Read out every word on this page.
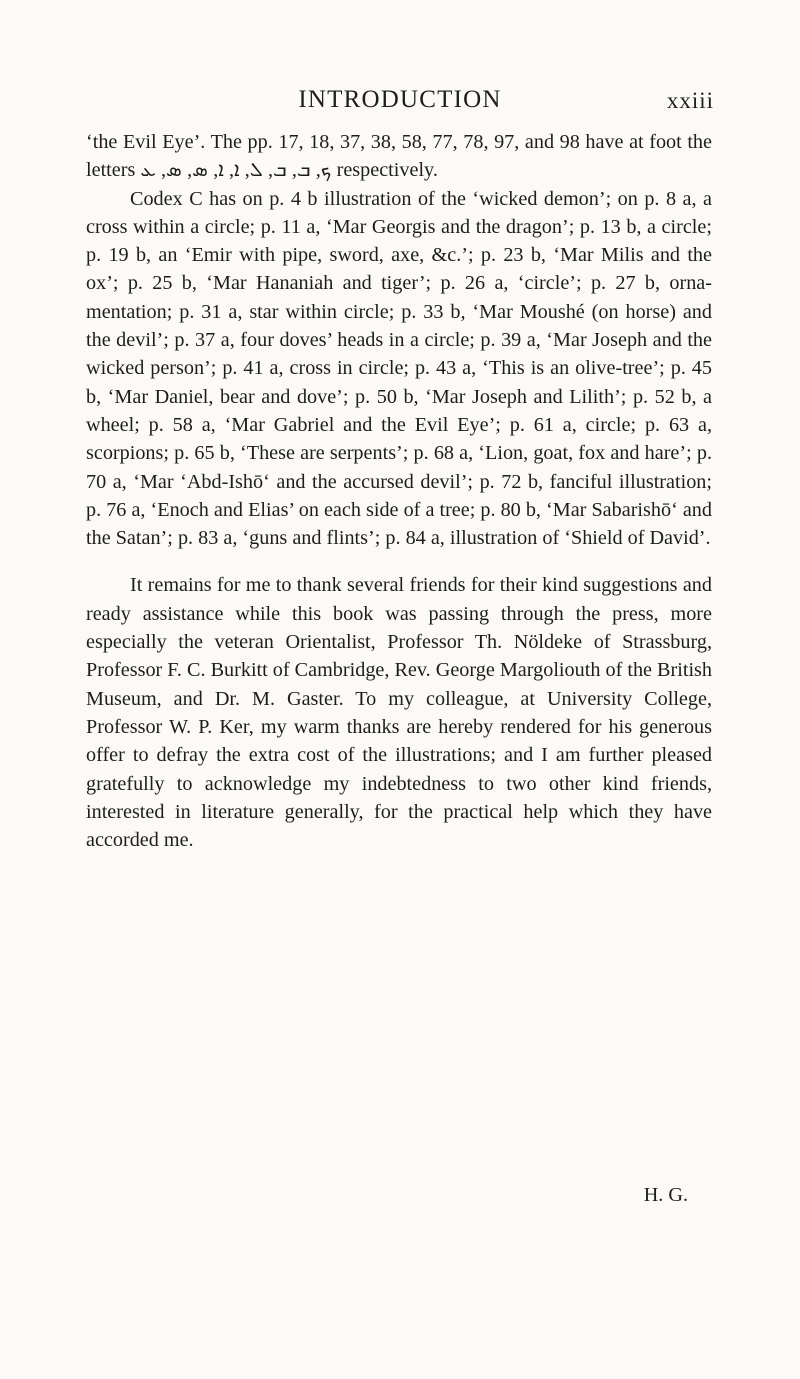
INTRODUCTION	xxiii

‘the Evil Eye’. The pp. 17, 18, 37, 38, 58, 77, 78, 97, and 98 have at foot the letters ܟ, ܒ, ܒ, ܠ, ܐ, ܐ, ܣ, ܣ, ܥ respectively.

Codex C has on p. 4 b illustration of the ‘wicked demon’; on p. 8 a, a cross within a circle; p. 11 a, ‘Mar Georgis and the dragon’; p. 13 b, a circle; p. 19 b, an ‘Emir with pipe, sword, axe, &c.’; p. 23 b, ‘Mar Milis and the ox’; p. 25 b, ‘Mar Hananiah and tiger’; p. 26 a, ‘circle’; p. 27 b, ornamentation; p. 31 a, star within circle; p. 33 b, ‘Mar Moushé (on horse) and the devil’; p. 37 a, four doves’ heads in a circle; p. 39 a, ‘Mar Joseph and the wicked person’; p. 41 a, cross in circle; p. 43 a, ‘This is an olive-tree’; p. 45 b, ‘Mar Daniel, bear and dove’; p. 50 b, ‘Mar Joseph and Lilith’; p. 52 b, a wheel; p. 58 a, ‘Mar Gabriel and the Evil Eye’; p. 61 a, circle; p. 63 a, scorpions; p. 65 b, ‘These are serpents’; p. 68 a, ‘Lion, goat, fox and hare’; p. 70 a, ‘Mar ‘Abd-Ishō‘ and the accursed devil’; p. 72 b, fanciful illustration; p. 76 a, ‘Enoch and Elias’ on each side of a tree; p. 80 b, ‘Mar Sabarishō‘ and the Satan’; p. 83 a, ‘guns and flints’; p. 84 a, illustration of ‘Shield of David’.

It remains for me to thank several friends for their kind suggestions and ready assistance while this book was passing through the press, more especially the veteran Orientalist, Professor Th. Nöldeke of Strassburg, Professor F. C. Burkitt of Cambridge, Rev. George Margoliouth of the British Museum, and Dr. M. Gaster. To my colleague, at University College, Professor W. P. Ker, my warm thanks are hereby rendered for his generous offer to defray the extra cost of the illustrations; and I am further pleased gratefully to acknowledge my indebtedness to two other kind friends, interested in literature generally, for the practical help which they have accorded me.

H. G.
